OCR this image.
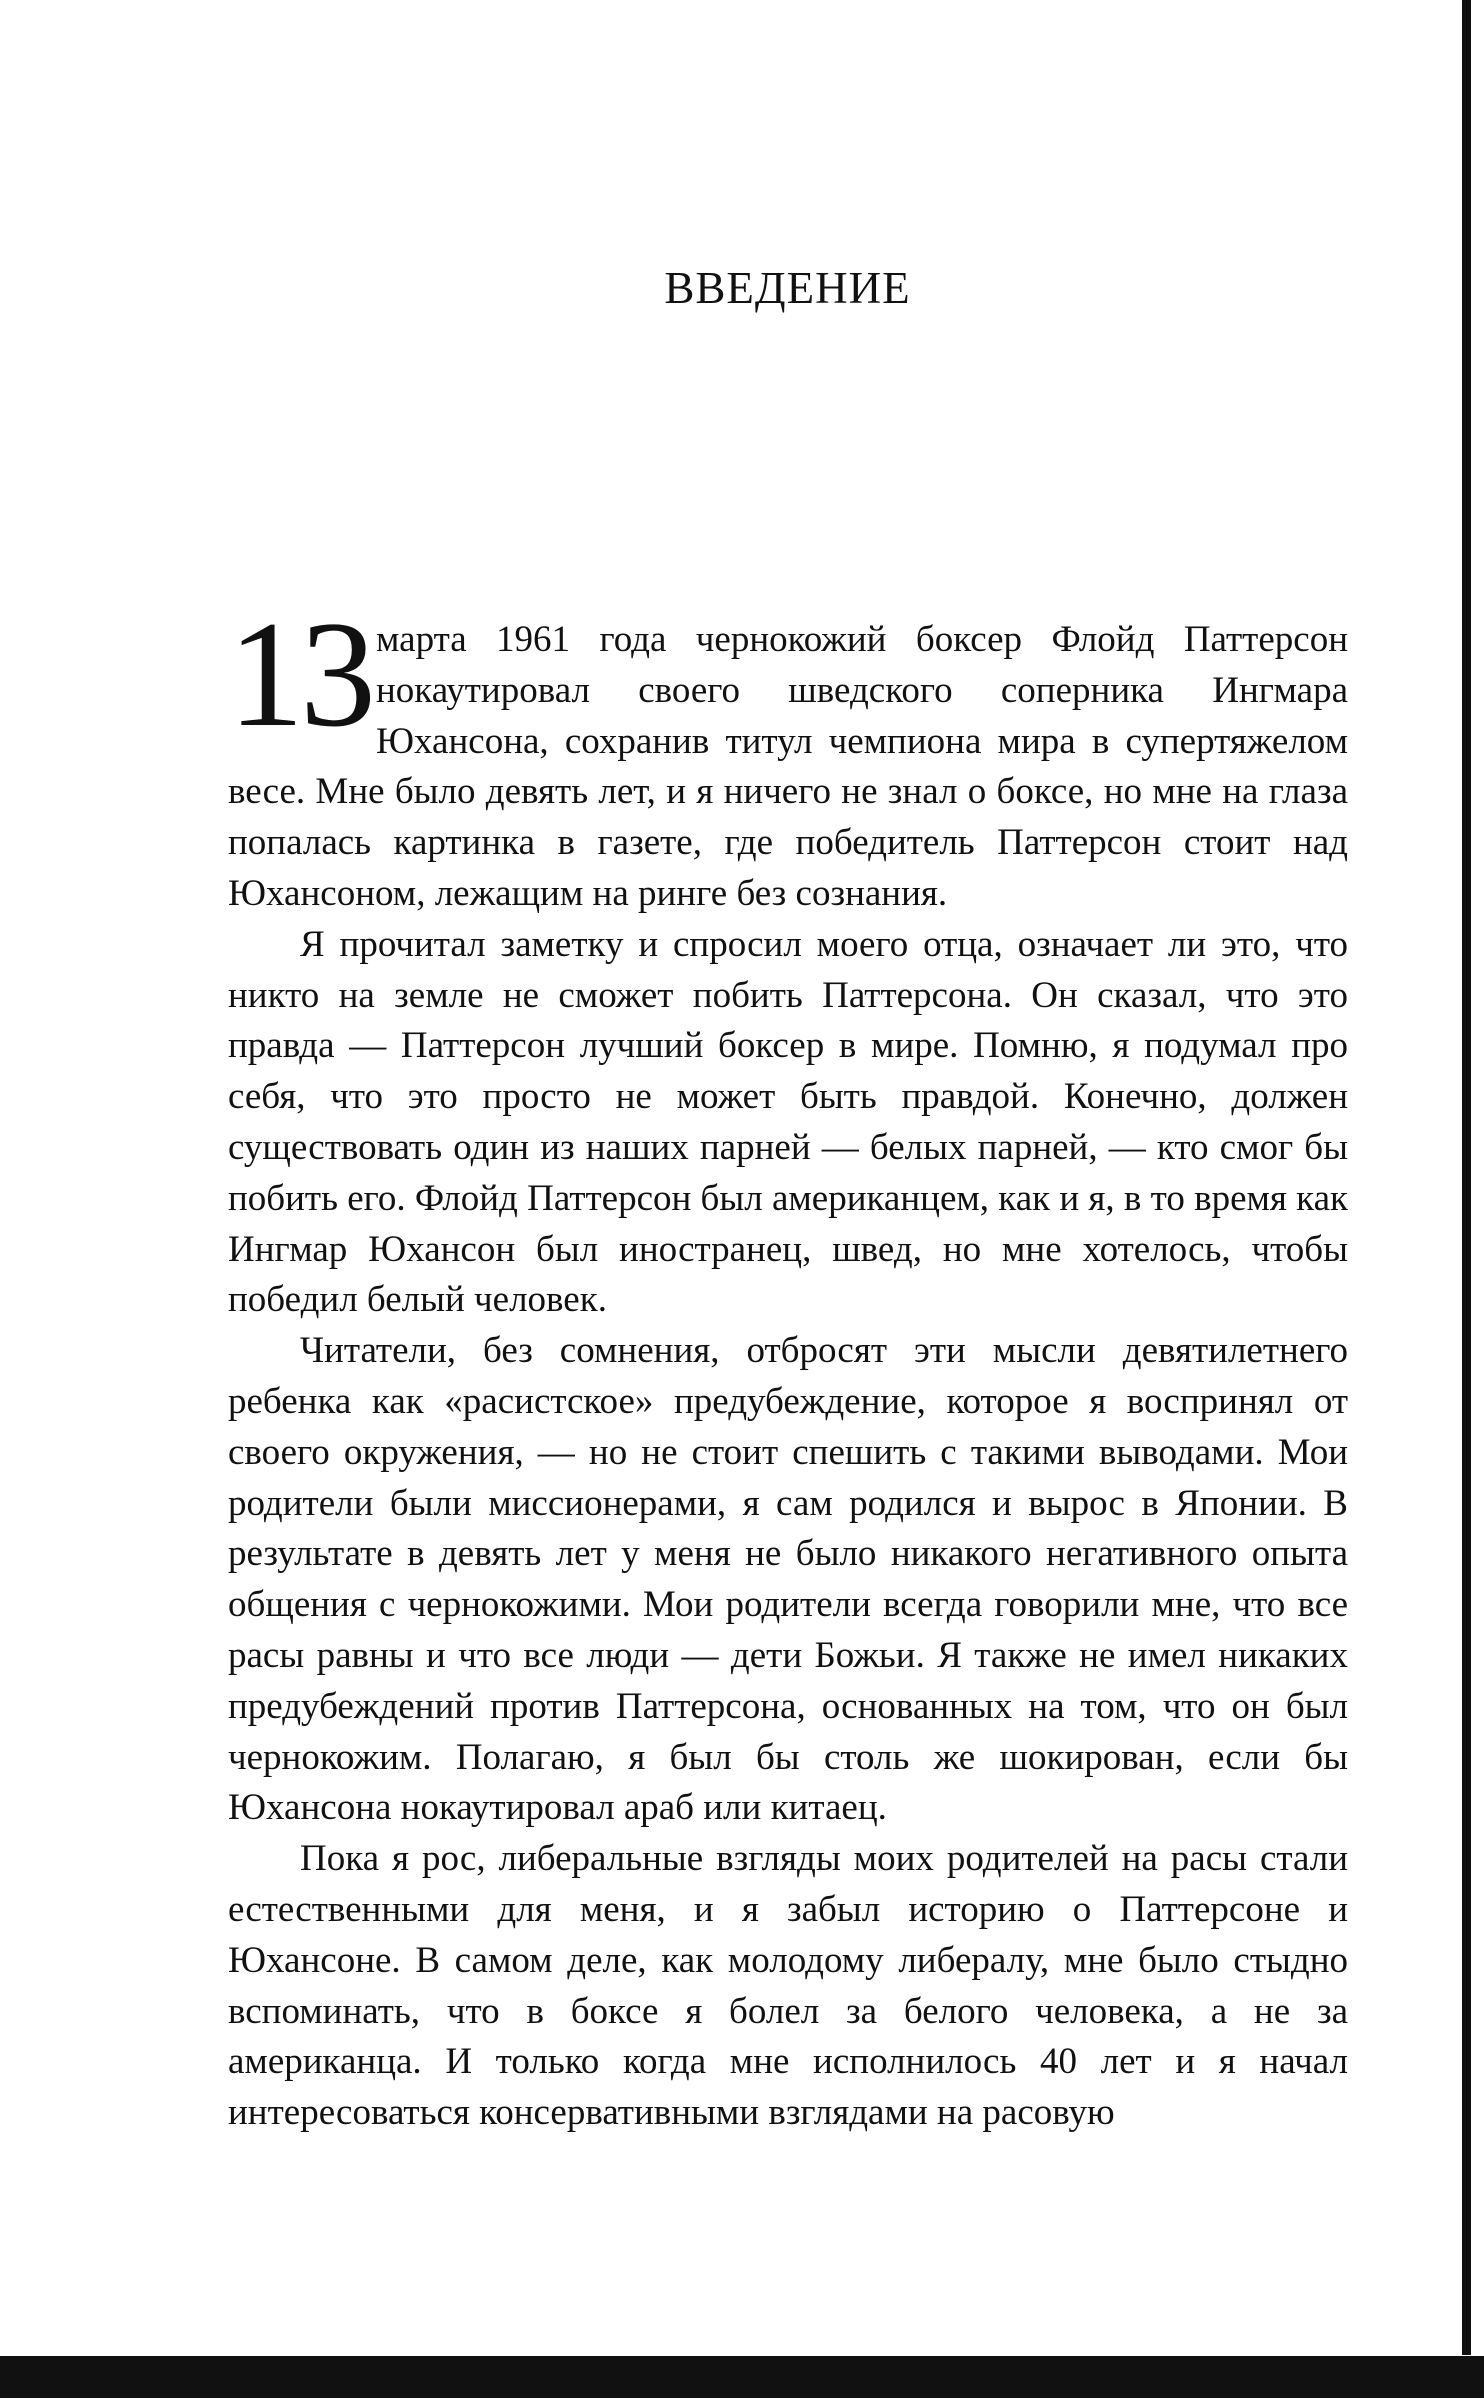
ВВЕДЕНИЕ

13 марта 1961 года чернокожий боксер Флойд Паттерсон нокаутировал своего шведского соперника Ингмара Юхансона, сохранив титул чемпиона мира в супертяжелом весе. Мне было девять лет, и я ничего не знал о боксе, но мне на глаза попалась картинка в газете, где победитель Паттерсон стоит над Юхансоном, лежащим на ринге без сознания.

Я прочитал заметку и спросил моего отца, означает ли это, что никто на земле не сможет побить Паттерсона. Он сказал, что это правда — Паттерсон лучший боксер в мире. Помню, я подумал про себя, что это просто не может быть правдой. Конечно, должен существовать один из наших парней — белых парней, — кто смог бы побить его. Флойд Паттерсон был американцем, как и я, в то время как Ингмар Юхансон был иностранец, швед, но мне хотелось, чтобы победил белый человек.

Читатели, без сомнения, отбросят эти мысли девятилетнего ребенка как «расистское» предубеждение, которое я воспринял от своего окружения, — но не стоит спешить с такими выводами. Мои родители были миссионерами, я сам родился и вырос в Японии. В результате в девять лет у меня не было никакого негативного опыта общения с чернокожими. Мои родители всегда говорили мне, что все расы равны и что все люди — дети Божьи. Я также не имел никаких предубеждений против Паттерсона, основанных на том, что он был чернокожим. Полагаю, я был бы столь же шокирован, если бы Юхансона нокаутировал араб или китаец.

Пока я рос, либеральные взгляды моих родителей на расы стали естественными для меня, и я забыл историю о Паттерсоне и Юхансоне. В самом деле, как молодому либералу, мне было стыдно вспоминать, что в боксе я болел за белого человека, а не за американца. И только когда мне исполнилось 40 лет и я начал интересоваться консервативными взглядами на расовую
